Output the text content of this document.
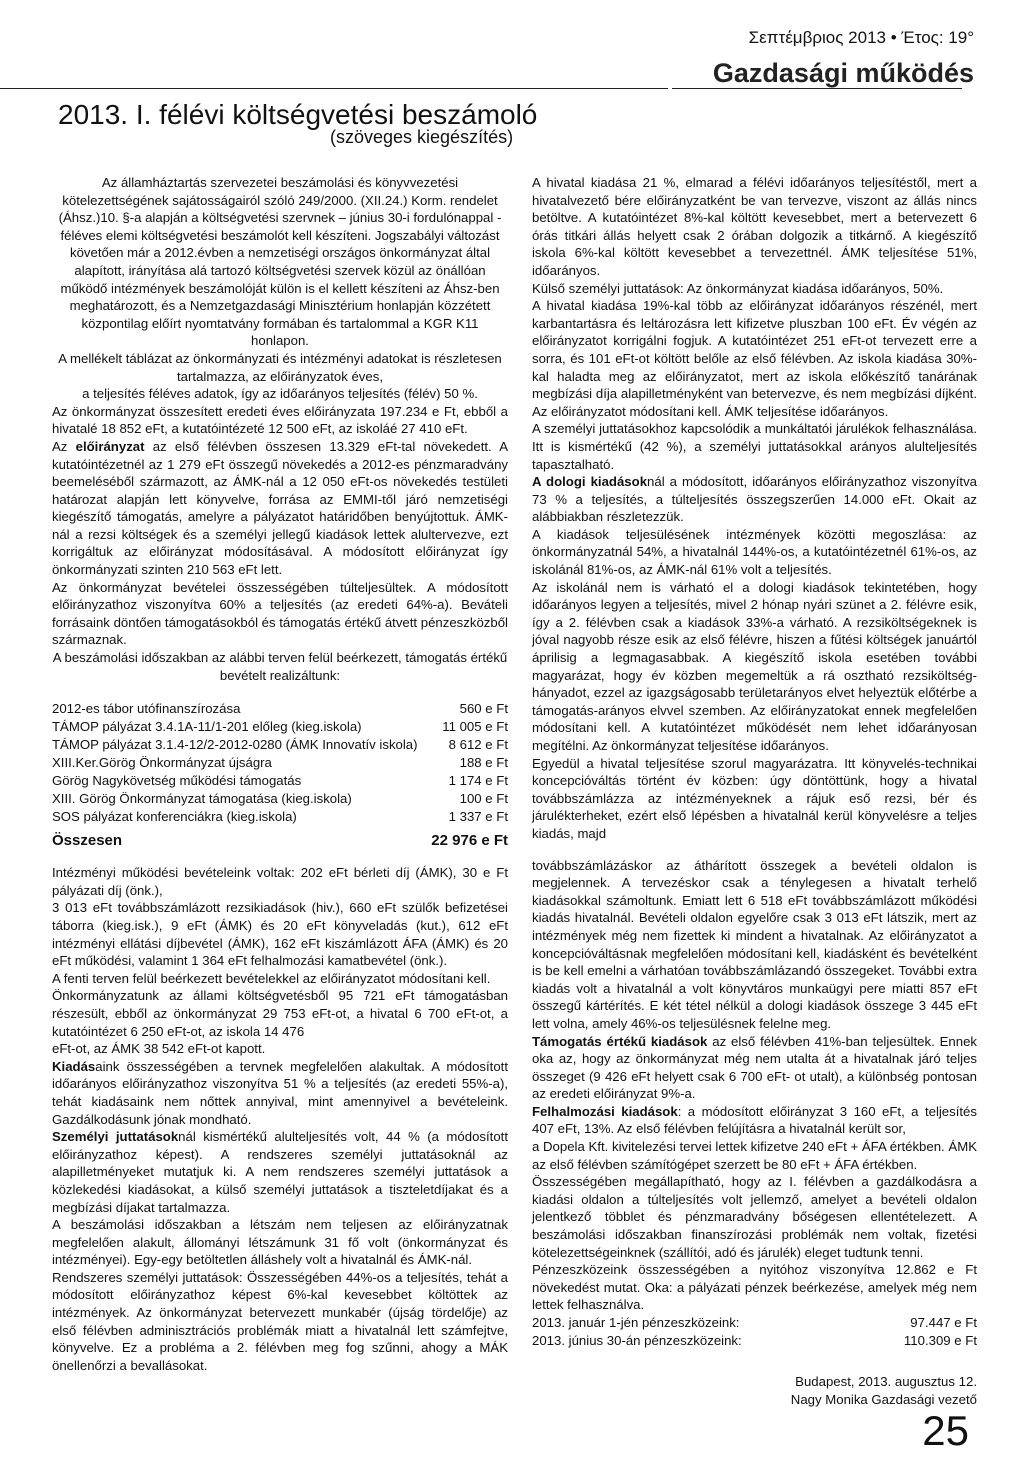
Σεπτέμβριος 2013 • Έτος: 19°
Gazdasági működés
2013. I. félévi költségvetési beszámoló
(szöveges kiegészítés)

Az államháztartás szervezetei beszámolási és könyvvezetési kötelezettségének sajátosságairól szóló 249/2000. (XII.24.) Korm. rendelet (Áhsz.)10. §-a alapján a költségvetési szervnek – június 30-i fordulónappal - féléves elemi költségvetési beszámolót kell készíteni. Jogszabályi változást követően már a 2012.évben a nemzetiségi országos önkormányzat által alapított, irányítása alá tartozó költségvetési szervek közül az önállóan működő intézmények beszámolóját külön is el kellett készíteni az Áhsz-ben meghatározott, és a Nemzetgazdasági Minisztérium honlapján közzétett központilag előírt nyomtatvány formában és tartalommal a KGR K11 honlapon.

A mellékelt táblázat az önkormányzati és intézményi adatokat is részletesen tartalmazza, az előirányzatok éves,

a teljesítés féléves adatok, így az időarányos teljesítés (félév) 50 %.

Az önkormányzat összesített eredeti éves előirányzata 197.234 e Ft, ebből a hivatalé 18 852 eFt, a kutatóintézeté 12 500 eFt, az iskoláé 27 410 eFt.

Az előirányzat az első félévben összesen 13.329 eFt-tal növekedett. A kutatóintézetnél az 1 279 eFt összegű növekedés a 2012-es pénzmaradvány beemeléséből származott, az ÁMK-nál a 12 050 eFt-os növekedés testületi határozat alapján lett könyvelve, forrása az EMMI-től járó nemzetiségi kiegészítő támogatás, amelyre a pályázatot határidőben benyújtottuk. ÁMK-nál a rezsi költségek és a személyi jellegű kiadások lettek alultervezve, ezt korrigáltuk az előirányzat módosításával. A módosított előirányzat így önkormányzati szinten 210 563 eFt lett.

Az önkormányzat bevételei összességében túlteljesültek. A módosított előirányzathoz viszonyítva 60% a teljesítés (az eredeti 64%-a). Beváteli forrásaink döntően támogatásokból és támogatás értékű átvett pénzeszközből származnak.

A beszámolási időszakban az alábbi terven felül beérkezett, támogatás értékű bevételt realizáltunk:

2012-es tábor utófinanszírozása	560 e Ft
TÁMOP pályázat 3.4.1A-11/1-201 előleg (kieg.iskola)	11 005 e Ft
TÁMOP pályázat 3.1.4-12/2-2012-0280 (ÁMK Innovatív iskola)	8 612 e Ft
XIII.Ker.Görög Önkormányzat újságra	188 e Ft
Görög Nagykövetség működési támogatás	1 174 e Ft
XIII. Görög Önkormányzat támogatása (kieg.iskola)	100 e Ft
SOS pályázat konferenciákra (kieg.iskola)	1 337 e Ft
Összesen	22 976 e Ft

Intézményi működési bevételeink voltak: 202 eFt bérleti díj (ÁMK), 30 e Ft pályázati díj (önk.),

3 013 eFt továbbszámlázott rezsikiadások (hiv.), 660 eFt szülők befizetései táborra (kieg.isk.), 9 eFt (ÁMK) és 20 eFt könyveladás (kut.), 612 eFt intézményi ellátási díjbevétel (ÁMK), 162 eFt kiszámlázott ÁFA (ÁMK) és 20 eFt működési, valamint 1 364 eFt felhalmozási kamatbevétel (önk.).

A fenti terven felül beérkezett bevételekkel az előirányzatot módosítani kell.

Önkormányzatunk az állami költségvetésből 95 721 eFt támogatásban részesült, ebből az önkormányzat 29 753 eFt-ot, a hivatal 6 700 eFt-ot, a kutatóintézet 6 250 eFt-ot, az iskola 14 476

eFt-ot, az ÁMK 38 542 eFt-ot kapott.

Kiadásaink összességében a tervnek megfelelően alakultak. A módosított időarányos előirányzathoz viszonyítva 51 % a teljesítés (az eredeti 55%-a), tehát kiadásaink nem nőttek annyival, mint amennyivel a bevételeink. Gazdálkodásunk jónak mondható.

Személyi juttatásoknál kismértékű alulteljesítés volt, 44 % (a módosított előirányzathoz képest). A rendszeres személyi juttatásoknál az alapilletményeket mutatjuk ki. A nem rendszeres személyi juttatások a közlekedési kiadásokat, a külső személyi juttatások a tiszteletdíjakat és a megbízási díjakat tartalmazza.

A beszámolási időszakban a létszám nem teljesen az előirányzatnak megfelelően alakult, állományi létszámunk 31 fő volt (önkormányzat és intézményei). Egy-egy betöltetlen álláshely volt a hivatalnál és ÁMK-nál.

Rendszeres személyi juttatások: Összességében 44%-os a teljesítés, tehát a módosított előirányzathoz képest 6%-kal kevesebbet költöttek az intézmények. Az önkormányzat betervezett munkabér (újság tördelője) az első félévben adminisztrációs problémák miatt a hivatalnál lett számfejtve, könyvelve. Ez a probléma a 2. félévben meg fog szűnni, ahogy a MÁK önellenőrzi a bevallásokat.

A hivatal kiadása 21 %, elmarad a félévi időarányos teljesítéstől, mert a hivatalvezető bére előirányzatként be van tervezve, viszont az állás nincs betöltve. A kutatóintézet 8%-kal költött kevesebbet, mert a betervezett 6 órás titkári állás helyett csak 2 órában dolgozik a titkárnő. A kiegészítő iskola 6%-kal költött kevesebbet a tervezettnél. ÁMK teljesítése 51%, időarányos.

Külső személyi juttatások: Az önkormányzat kiadása időarányos, 50%.

A hivatal kiadása 19%-kal több az előirányzat időarányos részénél, mert karbantartásra és leltározásra lett kifizetve pluszban 100 eFt. Év végén az előirányzatot korrigálni fogjuk. A kutatóintézet 251 eFt-ot tervezett erre a sorra, és 101 eFt-ot költött belőle az első félévben. Az iskola kiadása 30%-kal haladta meg az előirányzatot, mert az iskola előkészítő tanárának megbízási díja alapilletményként van betervezve, és nem megbízási díjként. Az előirányzatot módosítani kell. ÁMK teljesítése időarányos.

A személyi juttatásokhoz kapcsolódik a munkáltatói járulékok felhasználása. Itt is kismértékű (42 %), a személyi juttatásokkal arányos alulteljesítés tapasztalható.

A dologi kiadásoknál a módosított, időarányos előirányzathoz viszonyítva 73 % a teljesítés, a túlteljesítés összegszerűen 14.000 eFt. Okait az alábbiakban részletezzük.

A kiadások teljesülésének intézmények közötti megoszlása: az önkormányzatnál 54%, a hivatalnál 144%-os, a kutatóintézetnél 61%-os, az iskolánál 81%-os, az ÁMK-nál 61% volt a teljesítés.

Az iskolánál nem is várható el a dologi kiadások tekintetében, hogy időarányos legyen a teljesítés, mivel 2 hónap nyári szünet a 2. félévre esik, így a 2. félévben csak a kiadások 33%-a várható. A rezsiköltségeknek is jóval nagyobb része esik az első félévre, hiszen a fűtési költségek januártól áprilisig a legmagasabbak. A kiegészítő iskola esetében további magyarázat, hogy év közben megemeltük a rá osztható rezsiköltség-hányadot, ezzel az igazgságosabb területarányos elvet helyeztük előtérbe a támogatás-arányos elvvel szemben. Az előirányzatokat ennek megfelelően módosítani kell. A kutatóintézet működését nem lehet időarányosan megítélni. Az önkormányzat teljesítése időarányos.

Egyedül a hivatal teljesítése szorul magyarázatra. Itt könyvelés-technikai koncepcióváltás történt év közben: úgy döntöttünk, hogy a hivatal továbbszámlázza az intézményeknek a rájuk eső rezsi, bér és járulékterheket, ezért első lépésben a hivatalnál kerül könyvelésre a teljes kiadás, majd

továbbszámlázáskor az áthárított összegek a bevételi oldalon is megjelennek. A tervezéskor csak a ténylegesen a hivatalt terhelő kiadásokkal számoltunk. Emiatt lett 6 518 eFt továbbszámlázott működési kiadás hivatalnál. Bevételi oldalon egyelőre csak 3 013 eFt látszik, mert az intézmények még nem fizettek ki mindent a hivatalnak. Az előirányzatot a koncepcióváltásnak megfelelően módosítani kell, kiadásként és bevételként is be kell emelni a várhatóan továbbszámlázandó összegeket. További extra kiadás volt a hivatalnál a volt könyvtáros munkaügyi pere miatti 857 eFt összegű kártérítés. E két tétel nélkül a dologi kiadások összege 3 445 eFt lett volna, amely 46%-os teljesülésnek felelne meg.

Támogatás értékű kiadások az első félévben 41%-ban teljesültek. Ennek oka az, hogy az önkormányzat még nem utalta át a hivatalnak járó teljes összeget (9 426 eFt helyett csak 6 700 eFt- ot utalt), a különbség pontosan az eredeti előirányzat 9%-a.

Felhalmozási kiadások: a módosított előirányzat 3 160 eFt, a teljesítés 407 eFt, 13%. Az első félévben felújításra a hivatalnál került sor,

a Dopela Kft. kivitelezési tervei lettek kifizetve 240 eFt + ÁFA értékben. ÁMK az első félévben számítógépet szerzett be 80 eFt + ÁFA értékben.

Összességében megállapítható, hogy az I. félévben a gazdálkodásra a kiadási oldalon a túlteljesítés volt jellemző, amelyet a bevételi oldalon jelentkező többlet és pénzmaradvány bőségesen ellentételezett. A beszámolási időszakban finanszírozási problémák nem voltak, fizetési kötelezettségeinknek (szállítói, adó és járulék) eleget tudtunk tenni.

Pénzeszközeink összességében a nyitóhoz viszonyítva 12.862 e Ft növekedést mutat. Oka: a pályázati pénzek beérkezése, amelyek még nem lettek felhasználva.

2013. január 1-jén pénzeszközeink:	97.447 e Ft
2013. június 30-án pénzeszközeink:	110.309 e Ft
Budapest, 2013. augusztus 12.
Nagy Monika Gazdasági vezető
25
